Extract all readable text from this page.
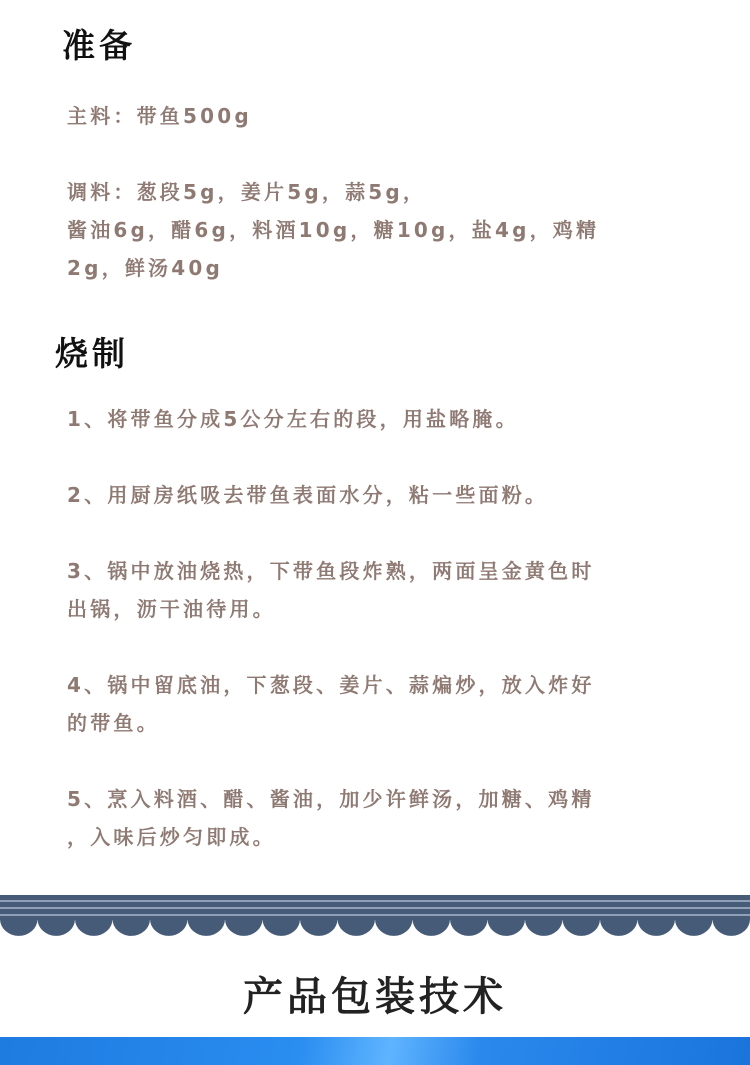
准备

主料：带鱼500g

调料：葱段5g，姜片5g，蒜5g，
酱油6g，醋6g，料酒10g，糖10g，盐4g，鸡精
2g，鲜汤40g

烧制

1、将带鱼分成5公分左右的段，用盐略腌。

2、用厨房纸吸去带鱼表面水分，粘一些面粉。

3、锅中放油烧热，下带鱼段炸熟，两面呈金黄色时
出锅，沥干油待用。

4、锅中留底油，下葱段、姜片、蒜煸炒，放入炸好
的带鱼。

5、烹入料酒、醋、酱油，加少许鲜汤，加糖、鸡精
，入味后炒匀即成。

产品包装技术
